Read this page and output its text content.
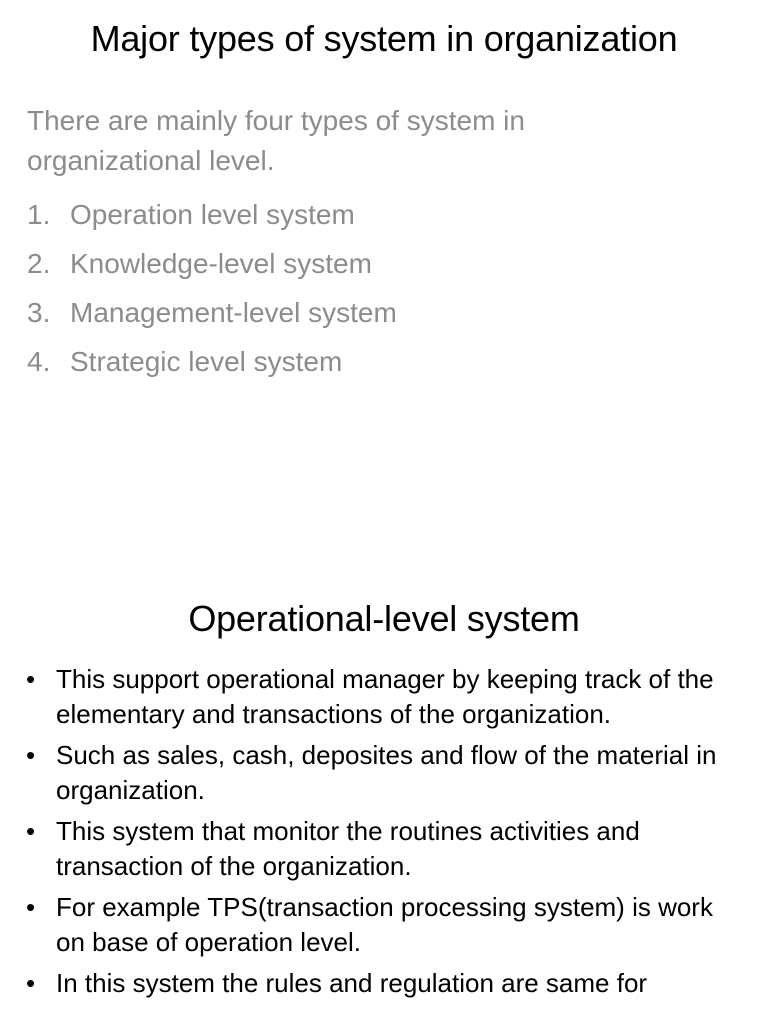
Major types of system in organization

There are mainly four types of system in organizational level.

1. Operation level system
2. Knowledge-level system
3. Management-level system
4. Strategic level system
Operational-level system
• This support operational manager by keeping track of the elementary and transactions of the organization.
• Such as sales, cash, deposites and flow of the material in organization.
• This system that monitor the routines activities and transaction of the organization.
• For example TPS(transaction processing system) is work on base of operation level.
• In this system the rules and regulation are same for
